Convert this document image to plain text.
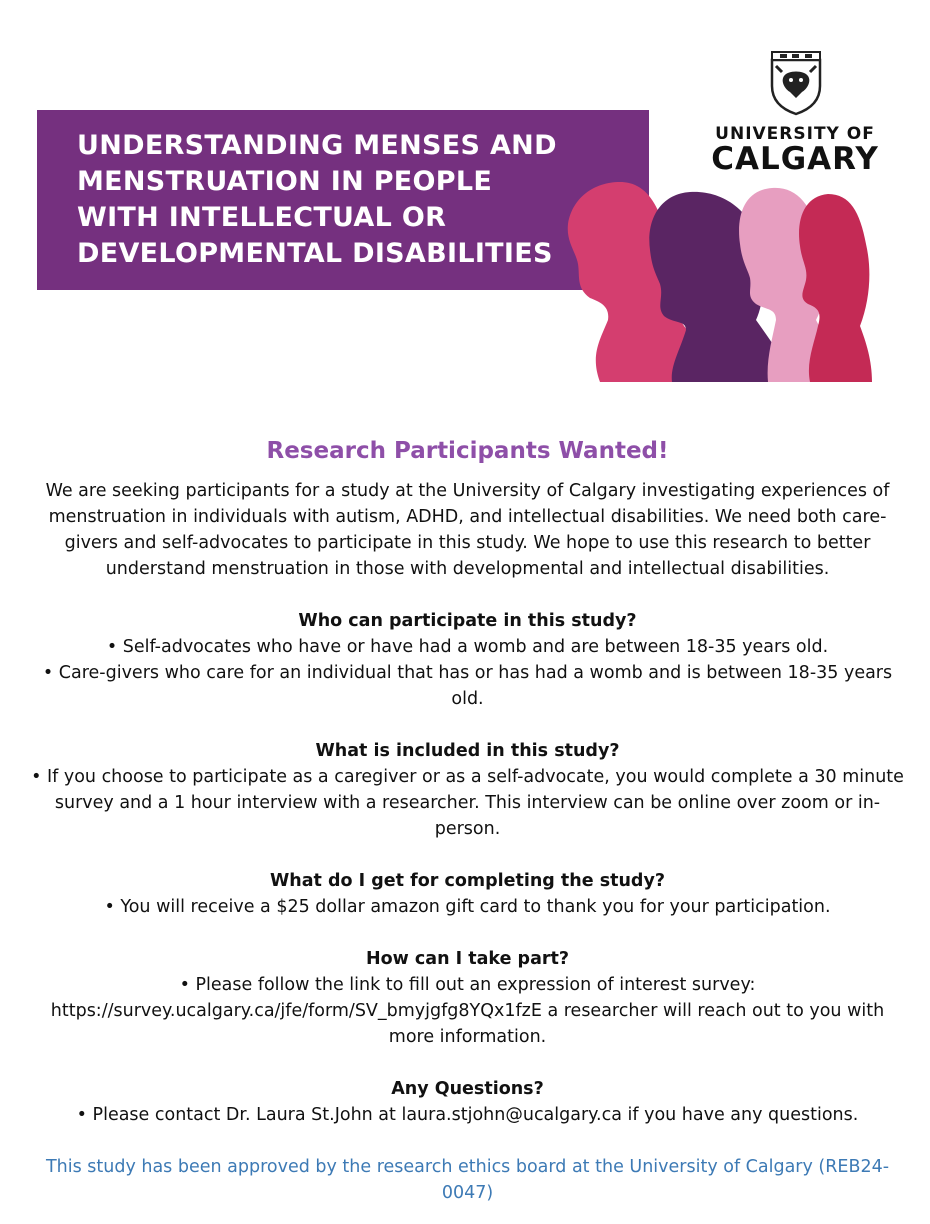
UNDERSTANDING MENSES AND
MENSTRUATION IN PEOPLE
WITH INTELLECTUAL OR
DEVELOPMENTAL DISABILITIES
UNIVERSITY OF
CALGARY

Research Participants Wanted!

We are seeking participants for a study at the University of Calgary investigating experiences of menstruation in individuals with autism, ADHD, and intellectual disabilities. We need both care-givers and self-advocates to participate in this study. We hope to use this research to better understand menstruation in those with developmental and intellectual disabilities.

Who can participate in this study?

• Self-advocates who have or have had a womb and are between 18-35 years old.

• Care-givers who care for an individual that has or has had a womb and is between 18-35 years old.

What is included in this study?

• If you choose to participate as a caregiver or as a self-advocate, you would complete a 30 minute survey and a 1 hour interview with a researcher. This interview can be online over zoom or in-person.

What do I get for completing the study?

• You will receive a $25 dollar amazon gift card to thank you for your participation.

How can I take part?

• Please follow the link to fill out an expression of interest survey: https://survey.ucalgary.ca/jfe/form/SV_bmyjgfg8YQx1fzE a researcher will reach out to you with more information.

Any Questions?

• Please contact Dr. Laura St.John at laura.stjohn@ucalgary.ca if you have any questions.

This study has been approved by the research ethics board at the University of Calgary (REB24-0047)
